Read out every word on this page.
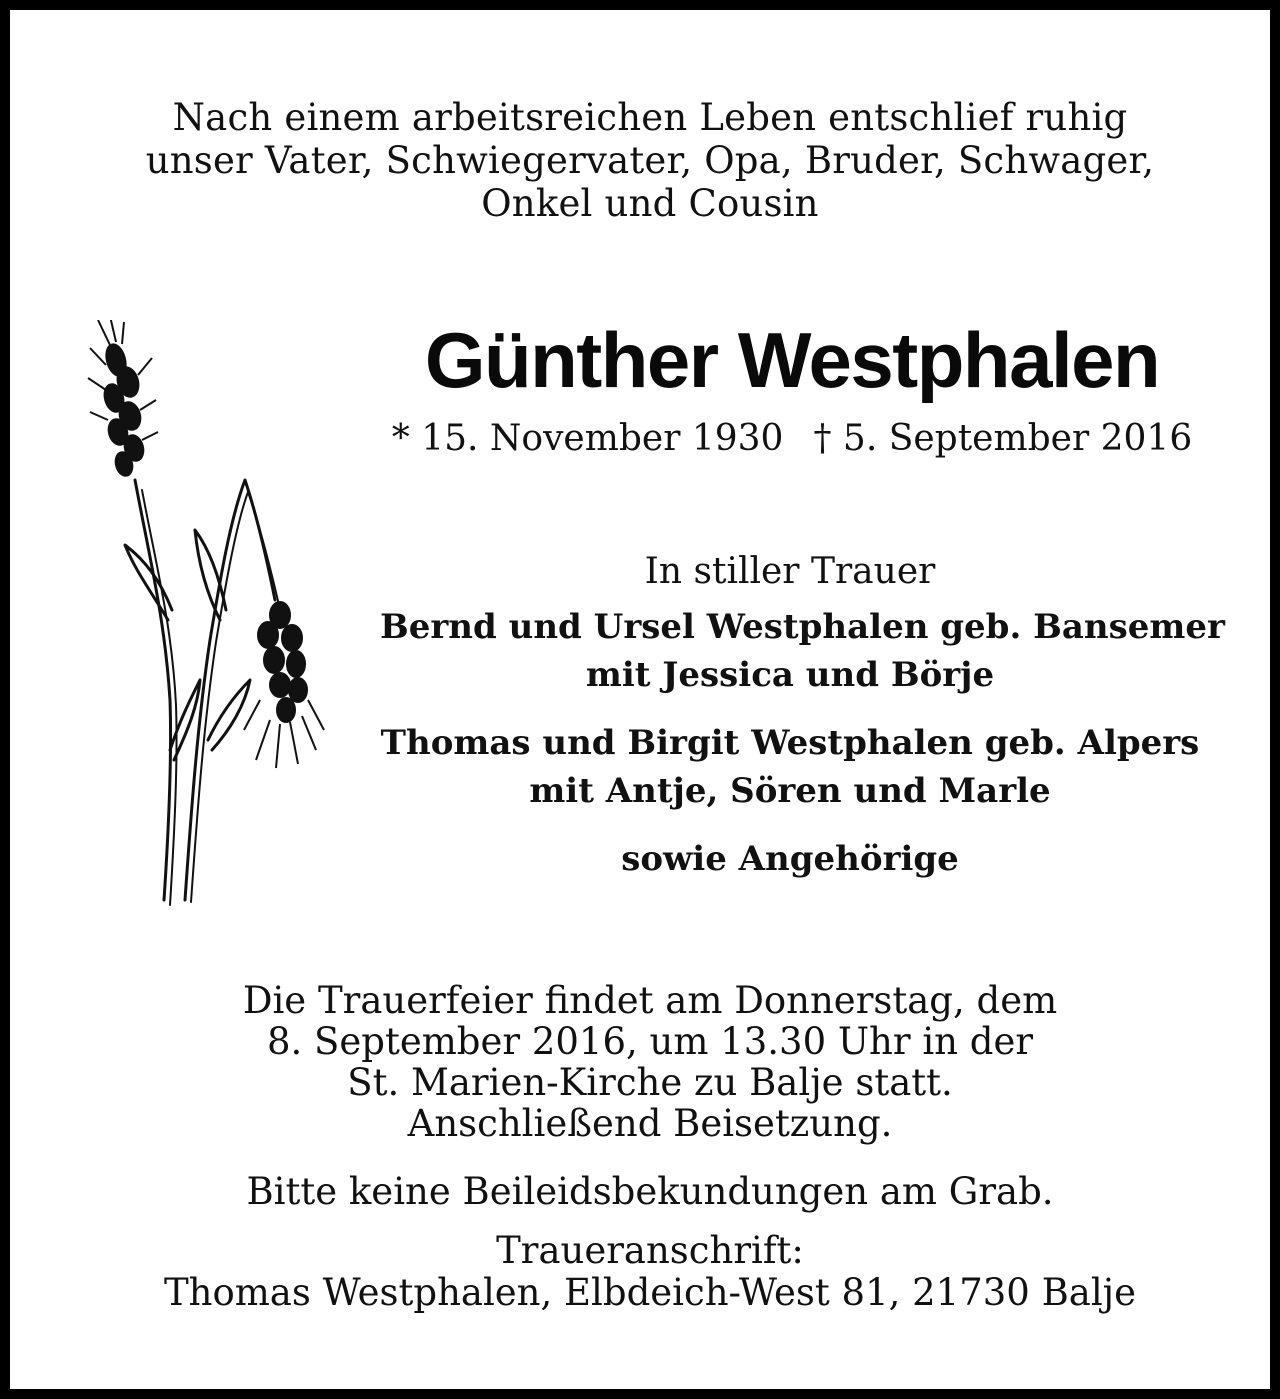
Nach einem arbeitsreichen Leben entschlief ruhig
unser Vater, Schwiegervater, Opa, Bruder, Schwager,
Onkel und Cousin
Günther Westphalen
* 15. November 1930 † 5. September 2016
In stiller Trauer
Bernd und Ursel Westphalen geb. Bansemer
mit Jessica und Börje
Thomas und Birgit Westphalen geb. Alpers
mit Antje, Sören und Marle
sowie Angehörige
Die Trauerfeier findet am Donnerstag, dem
8. September 2016, um 13.30 Uhr in der
St. Marien-Kirche zu Balje statt.
Anschließend Beisetzung.
Bitte keine Beileidsbekundungen am Grab.
Traueranschrift:
Thomas Westphalen, Elbdeich-West 81, 21730 Balje
